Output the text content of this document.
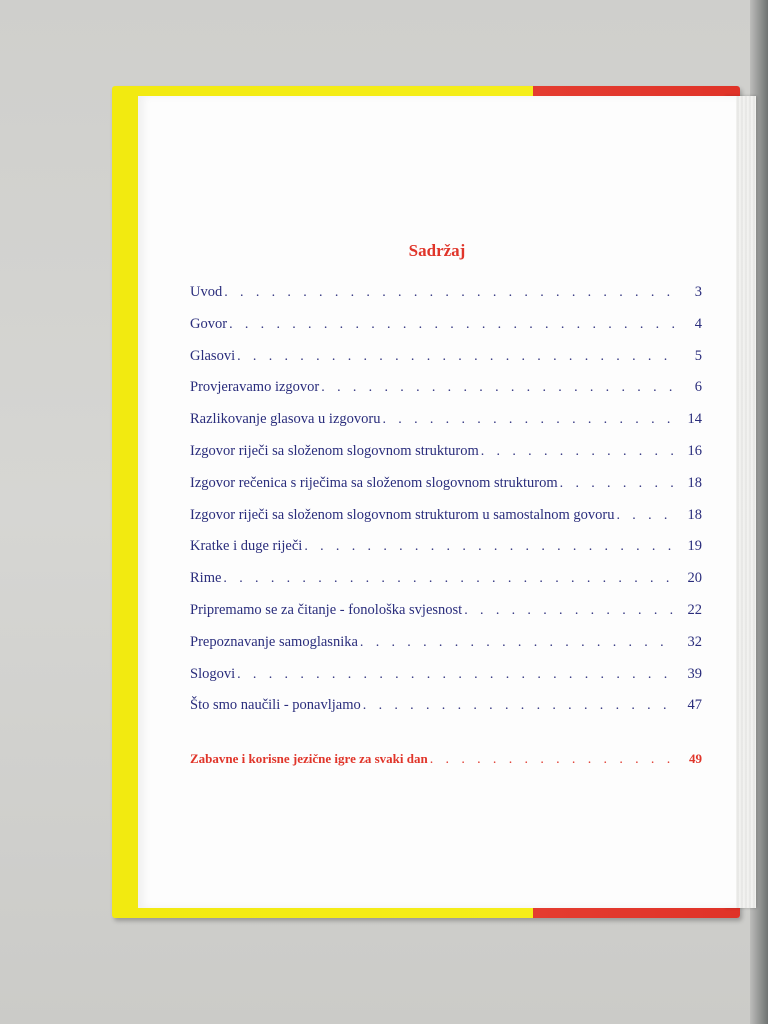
Sadržaj
Uvod . . .	3
Govor . . .	4
Glasovi . . .	5
Provjeravamo izgovor . . .	6
Razlikovanje glasova u izgovoru . . .	14
Izgovor riječi sa složenom slogovnom strukturom . . .	16
Izgovor rečenica s riječima sa složenom slogovnom strukturom . . .	18
Izgovor riječi sa složenom slogovnom strukturom u samostalnom govoru . . .	18
Kratke i duge riječi . . .	19
Rime . . .	20
Pripremamo se za čitanje - fonološka svjesnost . . .	22
Prepoznavanje samoglasnika . . .	32
Slogovi . . .	39
Što smo naučili - ponavljamo . . .	47
Zabavne i korisne jezične igre za svaki dan . . .	49
